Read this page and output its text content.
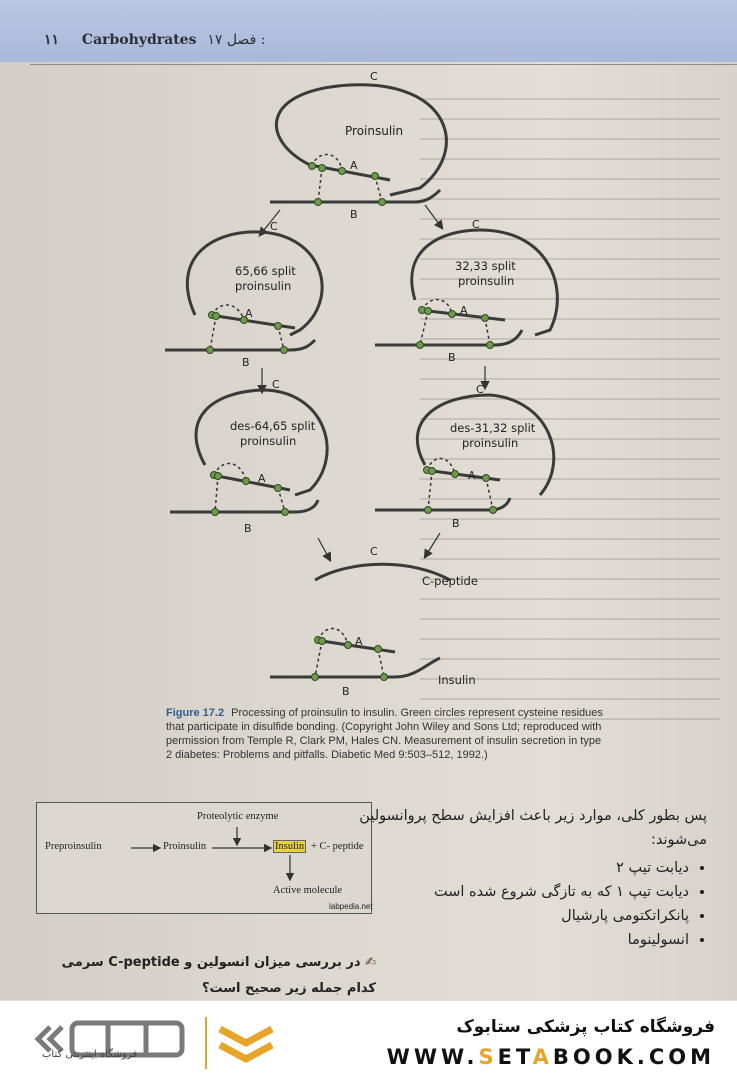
۱۱ Carbohydrates فصل ۱۷ :
Proinsulin
C
A
B
65,66 split
proinsulin
C
A
B
32,33 split
proinsulin
C
A
B
des-64,65 split
proinsulin
C
A
B
des-31,32 split
proinsulin
C
A
B
C
C-peptide
A
B
Insulin
Figure 17.2 Processing of proinsulin to insulin. Green circles represent cysteine residues that participate in disulfide bonding. (Copyright John Wiley and Sons Ltd; reproduced with permission from Temple R, Clark PM, Hales CN. Measurement of insulin secretion in type 2 diabetes: Problems and pitfalls. Diabetic Med 9:503–512, 1992.)
Proteolytic enzyme
Preproinsulin	Proinsulin	Insulin + C- peptide
Active molecule
labpedia.net
پس بطور کلی، موارد زیر باعث افزایش سطح پروانسولین می‌شوند:
• دیابت تیپ ۲
• دیابت تیپ ۱ که به تازگی شروع شده است
• پانکراتکتومی پارشیال
• انسولینوما
✍ در بررسی میزان انسولین و C-peptide سرمی کدام جمله زیر صحیح است؟
فروشگاه اینترنتی کتاب
فروشگاه کتاب پزشکی ستابوک
WWW.SETABOOK.COM
